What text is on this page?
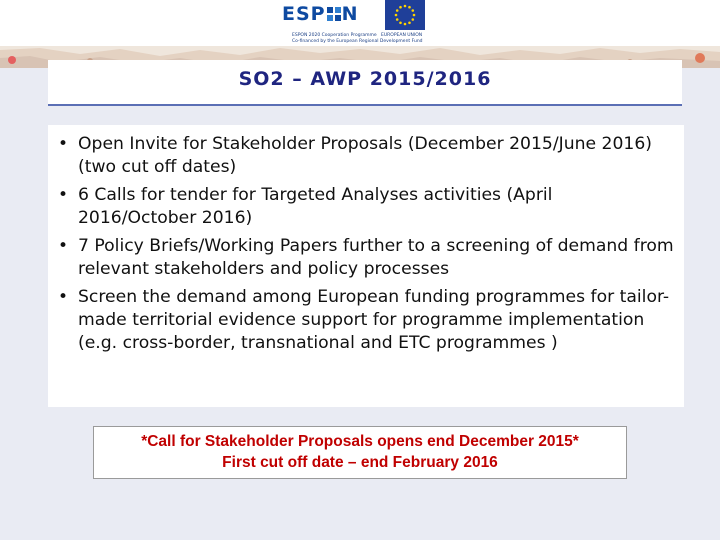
ESP N
ESPON 2020 Cooperation Programme EUROPEAN UNION
Co-financed by the European Regional Development Fund
SO2 – AWP 2015/2016
• Open Invite for Stakeholder Proposals (December 2015/June 2016) (two cut off dates)
• 6 Calls for tender for Targeted Analyses activities (April 2016/October 2016)
• 7 Policy Briefs/Working Papers further to a screening of demand from relevant stakeholders and policy processes
• Screen the demand among European funding programmes for tailor-made territorial evidence support for programme implementation (e.g. cross-border, transnational and ETC programmes )
*Call for Stakeholder Proposals opens end December 2015*
First cut off date – end February 2016
